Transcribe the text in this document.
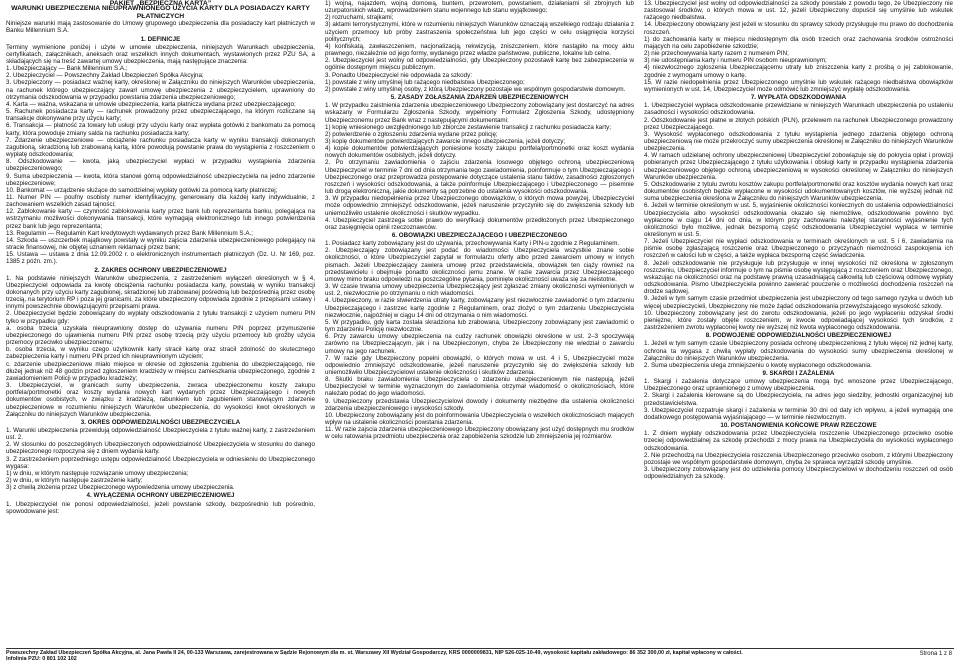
PAKIET „BEZPIECZNA KARTA”

WARUNKI UBEZPIECZENIA NIEUPRAWNIONEGO UŻYCIA KARTY DLA POSIADACZY KARTY PŁATNICZYCH

Niniejsze warunki mają zastosowanie do Umowy grupowego ubezpieczenia dla posiadaczy kart płatniczych w Banku Millennium S.A.

1. DEFINICJE

Terminy wymienione poniżej i użyte w umowie ubezpieczenia, niniejszych Warunkach ubezpieczenia, certyfikatach, załącznikach, aneksach oraz wszelkich innych dokumentach, wystawionych przez PZU SA, a składających się na treść zawartej umowy ubezpieczenia, mają następujące znaczenia:

1. Ubezpieczający — Bank Millennium S.A.;

2. Ubezpieczyciel — Powszechny Zakład Ubezpieczeń Spółka Akcyjna;

3. Ubezpieczony — posiadacz ważnej karty, określonej w Załączniku do niniejszych Warunków ubezpieczenia, na rachunek którego ubezpieczający zawarł umowę ubezpieczenia z ubezpieczycielem, uprawniony do otrzymania odszkodowania w przypadku powstania zdarzenia ubezpieczeniowego;

4. Karta — ważna, wskazana w umowie ubezpieczenia, karta płatnicza wydana przez ubezpieczającego;

5. Rachunek posiadacza karty — rachunek prowadzony przez ubezpieczającego, na którym rozliczane są transakcje dokonywane przy użyciu karty;

6. Transakcja — płatność za towary lub usługi przy użyciu karty oraz wypłata gotówki z bankomatu za pomocą karty, która powoduje zmiany salda na rachunku posiadacza karty;

7. Zdarzenie ubezpieczeniowe — obciążenie rachunku posiadacza karty w wyniku transakcji dokonanych zagubioną, skradzioną lub zrabowaną kartą, które powodują powstanie prawa do wystąpienia z roszczeniem o wypłatę odszkodowania;

8. Odszkodowanie — kwota, jaką ubezpieczyciel wypłaci w przypadku wystąpienia zdarzenia ubezpieczeniowego;

9. Suma ubezpieczenia — kwota, która stanowi górną odpowiedzialność ubezpieczyciela na jedno zdarzenie ubezpieczeniowe;

10. Bankomat — urządzenie służące do samodzielnej wypłaty gotówki za pomocą karty płatniczej;

11. Numer PIN — poufny osobisty numer identyfikacyjny, generowany dla każdej karty indywidualnie, z zachowaniem wszelkich zasad tajności;

12. Zablokowanie karty — czynność zablokowania karty przez bank lub reprezentanta banku, polegająca na wstrzymaniu możliwości dokonywania transakcji, które wymagają elektronicznego lub innego potwierdzenia przez bank lub jego reprezentanta;

13. Regulamin — Regulamin Kart kredytowych wydawanych przez Bank Millennium S.A.;

14. Szkoda — uszczerbek majątkowy powstały w wyniku zajścia zdarzenia ubezpieczeniowego polegający na stracie finansowej, nie objętej uznaniem reklamacji przez bank;

15. Ustawa — ustawa z dnia 12.09.2002 r. o elektronicznych instrumentach płatniczych (Dz. U. Nr 169, poz. 1385 z późn. zm.).

2. ZAKRES OCHRONY UBEZPIECZENIOWEJ

1. Na podstawie niniejszych Warunków ubezpieczenia, z zastrzeżeniem wyłączeń określonych w § 4, Ubezpieczyciel odpowiada za kwotę obciążenia rachunku posiadacza karty, powstałą w wyniku transakcji dokonanych przy użyciu karty zagubionej, skradzionej lub zrabowanej pośrednią lub bezpośrednią przez osobę trzecią, na terytorium RP i poza jej granicami, za które ubezpieczony odpowiada zgodnie z przepisami ustawy i innymi powszechnie obowiązującymi przepisami prawa.

2. Ubezpieczyciel będzie zobowiązany do wypłaty odszkodowania z tytułu transakcji z użyciem numeru PIN tylko w przypadku gdy:

a. osoba trzecia uzyskała nieuprawniony dostęp do używania numeru PIN poprzez przymuszenie ubezpieczonego do ujawnienia numeru PIN przez osobę trzecią przy użyciu przemocy lub groźby użycia przemocy przeciwko ubezpieczonemu;

b. osoba trzecia, w wyniku czego użytkownik karty stracił kartę oraz stracił zdolność do skutecznego zabezpieczenia karty i numeru PIN przed ich nieuprawnionym użyciem;

c. zdarzenie ubezpieczeniowe miało miejsce w okresie od zgłoszenia zgubienia do ubezpieczającego, nie dłużej jednak niż 48 godzin przed zgłoszeniem kradzieży w miejscu zamieszkania ubezpieczonego, zgodnie z zawiadomieniem Policji w przypadku kradzieży;

3. Ubezpieczyciel, w granicach sumy ubezpieczenia, zwraca ubezpieczonemu koszty zakupu portfela/portmonetki oraz koszty wydania nowych kart wydanych przez Ubezpieczającego i nowych dokumentów osobistych, w związku z kradzieżą, rabunkiem lub zagubieniem stanowiącym zdarzenie ubezpieczeniowe w rozumieniu niniejszych Warunków ubezpieczenia, do wysokości kwot określonych w Załączniku do niniejszych Warunków ubezpieczenia.

3. OKRES ODPOWIEDZIALNOŚCI UBEZPIECZYCIELA

1. Warunki ubezpieczenia przewidują odpowiedzialność Ubezpieczyciela z tytułu ważnej karty, z zastrzeżeniem ust. 2.

2. W stosunku do poszczególnych Ubezpieczonych odpowiedzialność Ubezpieczyciela w stosunku do danego ubezpieczonego rozpoczyna się z dniem wydania karty.

3. Z zastrzeżeniem poprzedniego ustępu odpowiedzialność Ubezpieczyciela w odniesieniu do Ubezpieczonego wygasa:

1) w dniu, w którym następuje rozwiązanie umowy ubezpieczenia;

2) w dniu, w którym następuje zastrzeżenie karty;

3) z chwilą złożenia przez Ubezpieczonego wypowiedzenia umowy ubezpieczenia.

4. WYŁĄCZENIA OCHRONY UBEZPIECZENIOWEJ

1. Ubezpieczyciel nie ponosi odpowiedzialności, jeżeli powstanie szkody, bezpośrednio lub pośrednio, spowodowane jest:

1) wojną, najazdem, wojną domową, buntem, przewrotem, powstaniem, działaniami sil zbrojnych lub uzurpatorskich władz, wprowadzeniem stanu wojennego lub stanu wyjątkowego;

2) rozruchami, strajkami;

3) aktami terrorystycznymi, które w rozumieniu niniejszych Warunków oznaczają wszelkiego rodzaju działania z użyciem przemocy lub próby zastraszenia społeczeństwa lub jego części w celu osiągnięcia korzyści politycznych;

4) konfiskatą, zawłaszczeniem, nacjonalizacją, rekwizycją, zniszczeniem, które nastąpiło na mocy aktu prawnego, niezależnie od jego formy, wydanego przez władze państwowe, publiczne, lokalne lub celne.

2. Ubezpieczyciel jest wolny od odpowiedzialności, gdy Ubezpieczony pozostawił kartę bez zabezpieczenia w ogólnie dostępnym miejscu publicznym.

3. Ponadto Ubezpieczyciel nie odpowiada za szkody:

1) powstałe z winy umyślnej lub rażącego niedbalstwa Ubezpieczonego;

2) powstałe z winy umyślnej osoby, z którą Ubezpieczony pozostaje we wspólnym gospodarstwie domowym.

5. ZASADY ZGŁASZANIA ZDARZEŃ UBEZPIECZENIOWYCH

1. W przypadku zaistnienia zdarzenia ubezpieczeniowego Ubezpieczony zobowiązany jest dostarczyć na adres wskazany w Formularzu Zgłoszenia Szkody, wypełniony Formularz Zgłoszenia Szkody, udostępniony Ubezpieczonemu przez Bank wraz z następującymi dokumentami:

1) kopię wniesionego uwzględnionego lub zbiorcze zestawienie transakcji z rachunku posiadacza karty;

2) potwierdzenie o zgłoszeniu zdarzenia wydane przez policję;

3) kopię dokumentów potwierdzających zawarcie innego ubezpieczenia, jeżeli dotyczy;

4) kopie dokumentów potwierdzających poniesione koszty zakupu portfela/portmonetki oraz koszt wydania nowych dokumentów osobistych, jeżeli dotyczy.

2. Po otrzymaniu zawiadomienia o zajściu zdarzenia losowego objętego ochroną ubezpieczeniową Ubezpieczyciel w terminie 7 dni od dnia otrzymania tego zawiadomienia, poinformuje o tym Ubezpieczającego i Ubezpieczonego oraz przeprowadza postępowanie dotyczące ustalenia stanu faktów, zasadności zgłoszonych roszczeń i wysokości odszkodowania, a także poinformuje Ubezpieczającego i Ubezpieczonego — pisemnie lub drogą elektroniczną, jakie dokumenty są potrzebne do ustalenia wysokości odszkodowania.

3. W przypadku niedopełnienia przez Ubezpieczonego obowiązków, o których mowa powyżej, Ubezpieczyciel może odpowiednio zmniejszyć odszkodowanie, jeżeli naruszenie przyczyniło się do zwiększenia szkody lub uniemożliwiło ustalenie okoliczności i skutków wypadku.

4. Ubezpieczyciel zastrzega sobie prawo do weryfikacji dokumentów przedłożonych przez Ubezpieczonego oraz zasięgnięcia opinii rzeczoznawców.

6. OBOWIĄZKI UBEZPIECZAJĄCEGO I UBEZPIECZONEGO

1. Posiadacz karty zobowiązany jest do używania, przechowywania Karty i PIN-u zgodnie z Regulaminem.

2. Ubezpieczający zobowiązany jest podać do wiadomości Ubezpieczyciela wszystkie znane sobie okoliczności, o które Ubezpieczyciel zapytał w formularzu oferty albo przed zawarciem umowy w innych pismach. Jeżeli Ubezpieczający zawiera umowę przez przedstawiciela, obowiązek ten ciąży również na przedstawicielu i obejmuje ponadto okoliczności jemu znane. W razie zawarcia przez Ubezpieczającego umowy mimo braku odpowiedzi na poszczególne pytania, pominięte okoliczności uważa się za nieistotne.

3. W czasie trwania umowy ubezpieczenia Ubezpieczający jest zgłaszać zmiany okoliczności wymienionych w ust. 2, niezwłocznie po otrzymaniu o nich wiadomości.

4. Ubezpieczony, w razie stwierdzenia utraty karty, zobowiązany jest niezwłocznie zawiadomić o tym zdarzeniu Ubezpieczającego i zastrzec kartę zgodnie z Regulaminem, oraz złożyć o tym zdarzeniu Ubezpieczyciela niezwłocznie, najpóźniej w ciągu 14 dni od otrzymania o nim wiadomości.

5. W przypadku, gdy karta została skradziona lub zrabowana, Ubezpieczony zobowiązany jest zawiadomić o tym zdarzeniu Policję niezwłocznie.

6. Przy zawarciu umowy ubezpieczenia na cudzy rachunek obowiązki określone w ust. 2–3 spoczywają zarówno na Ubezpieczającym, jak i na Ubezpieczonym, chyba że Ubezpieczony nie wiedział o zawarciu umowy na jego rachunek.

7. W razie gdy Ubezpieczony popełni obowiązki, o których mowa w ust. 4 i 5, Ubezpieczyciel może odpowiednio zmniejszyć odszkodowanie, jeżeli naruszenie przyczyniło się do zwiększenia szkody lub uniemożliwiło Ubezpieczycielowi ustalenie okoliczności i skutków zdarzenia.

8. Skutki braku zawiadomienia Ubezpieczyciela o zdarzeniu ubezpieczeniowym nie następują, jeżeli Ubezpieczyciel w terminie wyznaczonym do zawiadomienia otrzymał wiadomość o okolicznościach, które należało podać do jego wiadomości.

9. Ubezpieczony przedstawia Ubezpieczycielowi dowody i dokumenty niezbędne dla ustalenia okoliczności zdarzenia ubezpieczeniowego i wysokości szkody.

10. Ubezpieczony zobowiązany jest do poinformowania Ubezpieczyciela o wszelkich okolicznościach mających wpływ na ustalenie okoliczności powstania zdarzenia.

11. W razie zajscia zdarzenia ubezpieczeniowego Ubezpieczony obowiązany jest użyć dostępnych mu środków w celu ratowania przedmiotu ubezpieczenia oraz zapobieżenia szkodzie lub zmniejszenia jej rozmiarów.

13. Ubezpieczyciel jest wolny od odpowiedzialności za szkody powstałe z powodu tego, że Ubezpieczony nie zastosował środków, o których mowa w ust. 12, jeżeli Ubezpieczony dopuścił się umyślnie lub wskutek rażącego niedbalstwa.

14. Ubezpieczony obowiązany jest jeżeli w stosunku do sprawcy szkody przysługuje mu prawo do dochodzenia roszczeń.

1) do zachowania karty w miejscu niedostępnym dla osób trzecich oraz zachowania środków ostrożności mających na celu zapobieżenie szkodzie;

2) nie przechowywania karty razem z numerem PIN;

3) nie udostępniania karty i numeru PIN osobom nieuprawnionym;

4) niezwłocznego zgłoszenia Ubezpieczającemu utraty lub zniszczenia karty z prośbą o jej zablokowanie, zgodnie z wymogami umowy o kartę.

15. W razie niedopełnienia przez Ubezpieczonego umyślnie lub wskutek rażącego niedbalstwa obowiązków wymienionych w ust. 14, Ubezpieczyciel może odmówić lub zmniejszyć wypłatę odszkodowania.

7. WYPŁATA ODSZKODOWANIA

1. Ubezpieczyciel wypłaca odszkodowanie przewidziane w niniejszych Warunkach ubezpieczenia po ustaleniu zasadności i wysokości odszkodowania.

2. Odszkodowanie jest płatne w złotych polskich (PLN), przelewem na rachunek Ubezpieczonego prowadzony przez Ubezpieczającego.

3. Wysokość wypłaconego odszkodowania z tytułu wystąpienia jednego zdarzenia objętego ochroną ubezpieczeniową nie może przekroczyć sumy ubezpieczenia określonej w Załączniku do niniejszych Warunków ubezpieczenia.

4. W ramach udzielanej ochrony ubezpieczeniowej Ubezpieczyciel zobowiązuje się do pokrycia opłat i prowizji pobieranych przez Ubezpieczającego z tytułu użytkowania i obsługi karty w przypadku wystąpienia zdarzenia ubezpieczeniowego objętego ochroną ubezpieczeniową w wysokości określonej w Załączniku do niniejszych Warunków ubezpieczenia.

5. Odszkodowanie z tytułu zwrotu kosztów zakupu portfela/portmonetki oraz kosztów wydania nowych kart oraz dokumentów osobistych będzie wypłacone w wysokości udokumentowanych kosztów, nie wyższej jednak niż suma ubezpieczenia określona w Załączniku do niniejszych Warunków ubezpieczenia.

6. Jeżeli w terminie określonym w ust. 5, wyjaśnienie okoliczności koniecznych do ustalenia odpowiedzialności Ubezpieczyciela albo wysokości odszkodowania okazało się niemożliwe, odszkodowanie powinno być wypłacone w ciągu 14 dni od dnia, w którym przy zachowaniu należytej staranności wyjaśnienie tych okoliczności było możliwe, jednak bezsporną część odszkodowania Ubezpieczyciel wypłaca w terminie określonym w ust. 5.

7. Jeżeli Ubezpieczyciel nie wypłaci odszkodowania w terminach określonych w ust. 5 i 6, zawiadamia na piśmie osobę zgłaszającą roszczenie oraz Ubezpieczonego o przyczynach niemożności zaspokojenia ich roszczeń w całości lub w części, a także wypłaca bezsporną część świadczenia.

8. Jeżeli odszkodowanie nie przysługuje lub przysługuje w innej wysokości niż określona w zgłoszonym roszczeniu, Ubezpieczyciel informuje o tym na piśmie osobę występującą z roszczeniem oraz Ubezpieczonego, wskazując na okoliczności oraz na podstawę prawną uzasadniającą całkowitą lub częściową odmowę wypłaty odszkodowania. Pismo Ubezpieczyciela powinno zawierać pouczenie o możliwości dochodzenia roszczeń na drodze sądowej.

9. Jeżeli w tym samym czasie przedmiot ubezpieczenia jest ubezpieczony od tego samego ryzyka u dwóch lub więcej ubezpieczycieli, Ubezpieczony nie może żądać odszkodowania przewyższającego wysokość szkody.

10. Ubezpieczony zobowiązany jest do zwrotu odszkodowania, jeżeli po jego wypłaceniu odzyskał środki pieniężne, które zostały objęte roszczeniem, w kwocie odpowiadającej wysokości tych środków, z zastrzeżeniem zwrotu wypłaconej kwoty nie wyższej niż kwota wypłaconego odszkodowania.

8. PODWOJENIE ODPOWIEDZIALNOŚCI UBEZPIECZENIOWEJ

1. Jeżeli w tym samym czasie Ubezpieczony posiada ochronę ubezpieczeniową z tytułu więcej niż jednej karty, ochrona ta wygasa z chwilą wypłaty odszkodowania do wysokości sumy ubezpieczenia określonej w Załączniku do niniejszych Warunków ubezpieczenia.

2. Suma ubezpieczenia ulega zmniejszeniu o kwotę wypłaconego odszkodowania.

9. SKARGI I ZAŻALENIA

1. Skargi i zażalenia dotyczące umowy ubezpieczenia mogą być wnoszone przez Ubezpieczającego, Ubezpieczonego oraz uprawnionego z umowy ubezpieczenia.

2. Skargi i zażalenia kierowane są do Ubezpieczyciela, na adres jego siedziby, jednostki organizacyjnej lub przedstawicielstwa.

3. Ubezpieczyciel rozpatruje skargi i zażalenia w terminie 30 dni od daty ich wpływu, a jeżeli wymagają one dodatkowego postępowania wyjaśniającego — w terminie niezwłocznym.

10. POSTANOWIENIA KOŃCOWE PRAW RZECZOWE

1. Z dniem wypłaty odszkodowania przez Ubezpieczyciela roszczenie Ubezpieczonego przeciwko osobie trzeciej odpowiedzialnej za szkodę przechodzi z mocy prawa na Ubezpieczyciela do wysokości wypłaconego odszkodowania.

2. Nie przechodzą na Ubezpieczyciela roszczenia Ubezpieczonego przeciwko osobom, z którymi Ubezpieczony pozostaje we wspólnym gospodarstwie domowym, chyba że sprawca wyrządził szkodę umyślnie.

3. Ubezpieczony zobowiązany jest do udzielenia pomocy Ubezpieczycielowi w dochodzeniu roszczeń od osób odpowiedzialnych za szkodę.

Powszechny Zakład Ubezpieczeń Spółka Akcyjna, al. Jana Pawła II 24, 00-133 Warszawa, zarejestrowana w Sądzie Rejonowym dla m. st. Warszawy XII Wydział Gospodarczy, KRS 0000009831, NIP 526-025-10-49, wysokość kapitału zakładowego: 86 352 300,00 zł, kapitał wpłacony w całości.
Infolinia PZU: 0 801 102 102
Strona 1 z 8
